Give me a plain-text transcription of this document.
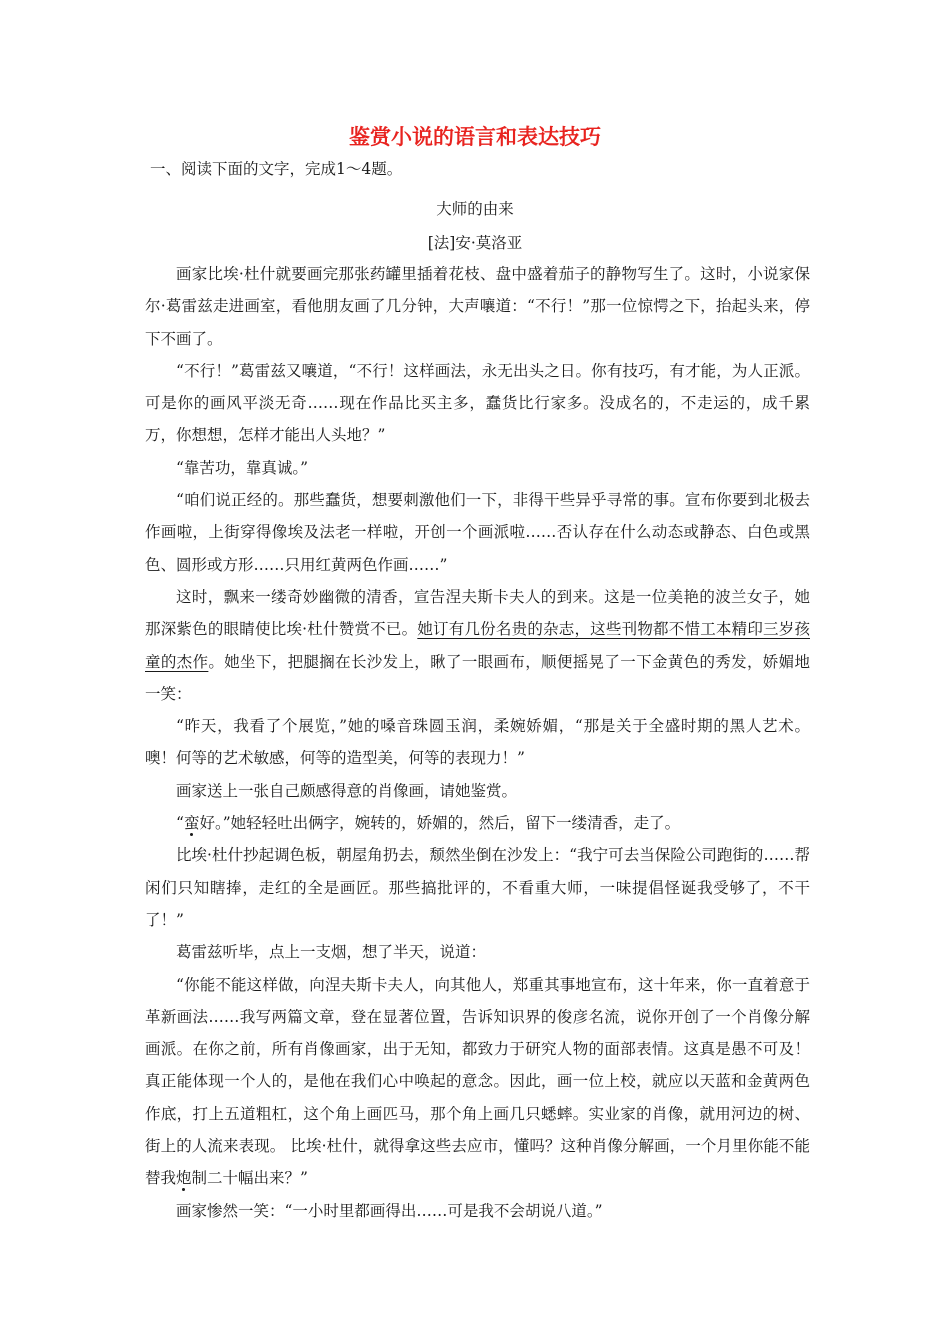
鉴赏小说的语言和表达技巧
一、阅读下面的文字，完成1～4题。
大师的由来
[法]安·莫洛亚

画家比埃·杜什就要画完那张药罐里插着花枝、盘中盛着茄子的静物写生了。这时，小说家保尔·葛雷兹走进画室，看他朋友画了几分钟，大声嚷道：“不行！”那一位惊愕之下，抬起头来，停下不画了。

“不行！”葛雷兹又嚷道，“不行！这样画法，永无出头之日。你有技巧，有才能，为人正派。可是你的画风平淡无奇……现在作品比买主多，蠢货比行家多。没成名的，不走运的，成千累万，你想想，怎样才能出人头地？”

“靠苦功，靠真诚。”

“咱们说正经的。那些蠢货，想要刺激他们一下，非得干些异乎寻常的事。宣布你要到北极去作画啦，上街穿得像埃及法老一样啦，开创一个画派啦……否认存在什么动态或静态、白色或黑色、圆形或方形……只用红黄两色作画……”

这时，飘来一缕奇妙幽微的清香，宣告涅夫斯卡夫人的到来。这是一位美艳的波兰女子，她那深紫色的眼睛使比埃·杜什赞赏不已。她订有几份名贵的杂志，这些刊物都不惜工本精印三岁孩童的杰作。她坐下，把腿搁在长沙发上，瞅了一眼画布，顺便摇晃了一下金黄色的秀发，娇媚地一笑：

“昨天，我看了个展览，”她的嗓音珠圆玉润，柔婉娇媚，“那是关于全盛时期的黑人艺术。噢！何等的艺术敏感，何等的造型美，何等的表现力！”

画家送上一张自己颇感得意的肖像画，请她鉴赏。

“蛮好。”她轻轻吐出俩字，婉转的，娇媚的，然后，留下一缕清香，走了。

比埃·杜什抄起调色板，朝屋角扔去，颓然坐倒在沙发上：“我宁可去当保险公司跑街的……帮闲们只知瞎捧，走红的全是画匠。那些搞批评的，不看重大师，一味提倡怪诞我受够了，不干了！”

葛雷兹听毕，点上一支烟，想了半天，说道：

“你能不能这样做，向涅夫斯卡夫人，向其他人，郑重其事地宣布，这十年来，你一直着意于革新画法……我写两篇文章，登在显著位置，告诉知识界的俊彦名流，说你开创了一个肖像分解画派。在你之前，所有肖像画家，出于无知，都致力于研究人物的面部表情。这真是愚不可及！真正能体现一个人的，是他在我们心中唤起的意念。因此，画一位上校，就应以天蓝和金黄两色作底，打上五道粗杠，这个角上画匹马，那个角上画几只蟋蟀。实业家的肖像，就用河边的树、街上的人流来表现。 比埃·杜什，就得拿这些去应市，懂吗？这种肖像分解画，一个月里你能不能替我炮制二十幅出来？”

画家惨然一笑：“一小时里都画得出……可是我不会胡说八道。”
